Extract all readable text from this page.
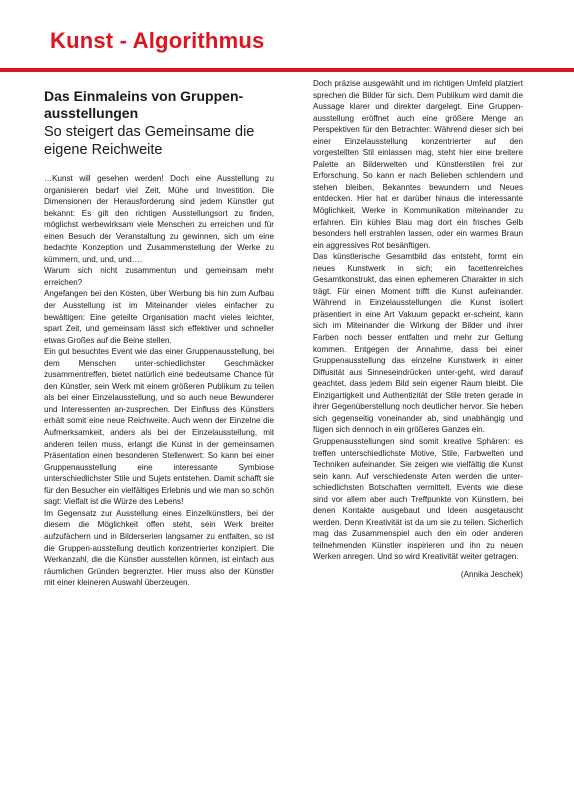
Kunst - Algorithmus
Das Einmaleins von Gruppen-ausstellungen
So steigert das Gemeinsame die eigene Reichweite

…Kunst will gesehen werden! Doch eine Ausstellung zu organisieren bedarf viel Zeit, Mühe und Investition. Die Dimensionen der Herausforderung sind jedem Künstler gut bekannt: Es gilt den richtigen Ausstellungsort zu finden, möglichst werbewirksam viele Menschen zu erreichen und für einen Besuch der Veranstaltung zu gewinnen, sich um eine bedachte Konzeption und Zusammenstellung der Werke zu kümmern, und, und, und….

Warum sich nicht zusammentun und gemeinsam mehr erreichen?

Angefangen bei den Kosten, über Werbung bis hin zum Aufbau der Ausstellung ist im Miteinander vieles einfacher zu bewältigen: Eine geteilte Organisation macht vieles leichter, spart Zeit, und gemeinsam lässt sich effektiver und schneller etwas Großes auf die Beine stellen.

Ein gut besuchtes Event wie das einer Gruppenausstellung, bei dem Menschen unter-schiedlichster Geschmäcker zusammentreffen, bietet natürlich eine bedeutsame Chance für den Künstler, sein Werk mit einem größeren Publikum zu teilen als bei einer Einzelausstellung, und so auch neue Bewunderer und Interessenten an-zusprechen. Der Einfluss des Künstlers erhält somit eine neue Reichweite. Auch wenn der Einzelne die Aufmerksamkeit, anders als bei der Einzelausstellung, mit anderen teilen muss, erlangt die Kunst in der gemeinsamen Präsentation einen besonderen Stellenwert: So kann bei einer Gruppenausstellung eine interessante Symbiose unterschiedlichster Stile und Sujets entstehen. Damit schafft sie für den Besucher ein vielfältiges Erlebnis und wie man so schön sagt: Vielfalt ist die Würze des Lebens!

Im Gegensatz zur Ausstellung eines Einzelkünstlers, bei der diesem die Möglichkeit offen steht, sein Werk breiter aufzufächern und in Bilderserien langsamer zu entfalten, so ist die Gruppen-ausstellung deutlich konzentrierter konzipiert. Die Werkanzahl, die die Künstler ausstellen können, ist einfach aus räumlichen Gründen begrenzter. Hier muss also der Künstler mit einer kleineren Auswahl überzeugen.

Doch präzise ausgewählt und im richtigen Umfeld platziert sprechen die Bilder für sich. Dem Publikum wird damit die Aussage klarer und direkter dargelegt. Eine Gruppen-ausstellung eröffnet auch eine größere Menge an Perspektiven für den Betrachter: Während dieser sich bei einer Einzelausstellung konzentrierter auf den vorgestellten Stil einlassen mag, steht hier eine breitere Palette an Bilderwelten und Künstlerstilen frei zur Erforschung. So kann er nach Belieben schlendern und stehen bleiben, Bekanntes bewundern und Neues entdecken. Hier hat er darüber hinaus die interessante Möglichkeit, Werke in Kommunikation miteinander zu erfahren. Ein kühles Blau mag dort ein frisches Gelb besonders hell erstrahlen lassen, oder ein warmes Braun ein aggressives Rot besänftigen.

Das künstlerische Gesamtbild das entsteht, formt ein neues Kunstwerk in sich; ein facettenreiches Gesamtkonstrukt, das einen ephemeren Charakter in sich trägt. Für einen Moment trifft die Kunst aufeinander. Während in Einzelausstellungen die Kunst isoliert präsentiert in eine Art Vakuum gepackt er-scheint, kann sich im Miteinander die Wirkung der Bilder und ihrer Farben noch besser entfalten und mehr zur Geltung kommen. Entgegen der Annahme, dass bei einer Gruppenausstellung das einzelne Kunstwerk in einer Diffusität aus Sinneseindrücken unter-geht, wird darauf geachtet, dass jedem Bild sein eigener Raum bleibt. Die Einzigartigkeit und Authentizität der Stile treten gerade in ihrer Gegenüberstellung noch deutlicher hervor. Sie heben sich gegenseitig voneinander ab, sind unabhängig und fügen sich dennoch in ein größeres Ganzes ein.

Gruppenausstellungen sind somit kreative Sphären: es treffen unterschiedlichste Motive, Stile, Farbwelten und Techniken aufeinander. Sie zeigen wie vielfältig die Kunst sein kann. Auf verschiedenste Arten werden die unter-schiedlichsten Botschaften vermittelt. Events wie diese sind vor allem aber auch Treffpunkte von Künstlern, bei denen Kontakte ausgebaut und Ideen ausgetauscht werden. Denn Kreativität ist da um sie zu teilen. Sicherlich mag das Zusammenspiel auch den ein oder anderen teilnehmenden Künstler inspirieren und ihn zu neuen Werken anregen. Und so wird Kreativität weiter getragen.

(Annika Jeschek)
